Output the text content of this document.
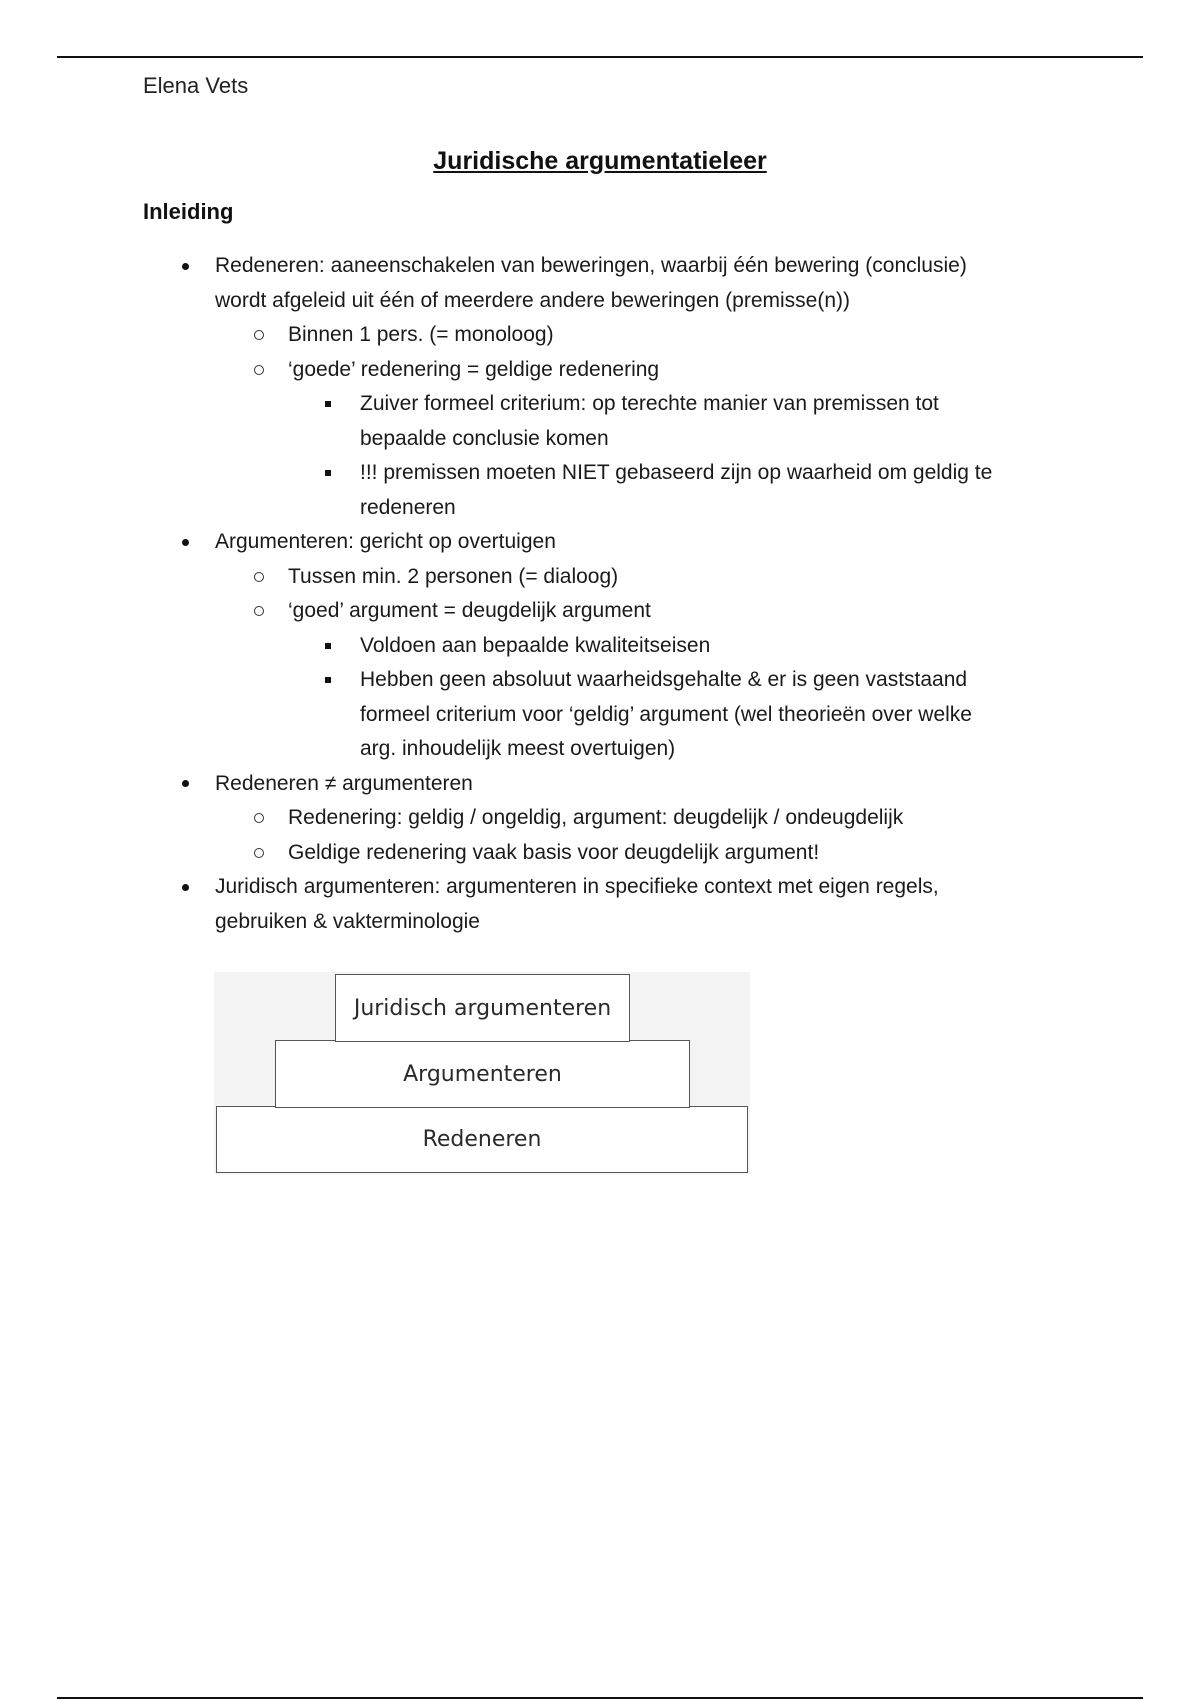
Elena Vets
Juridische argumentatieleer
Inleiding
Redeneren: aaneenschakelen van beweringen, waarbij één bewering (conclusie)
wordt afgeleid uit één of meerdere andere beweringen (premisse(n))
Binnen 1 pers. (= monoloog)
‘goede’ redenering = geldige redenering
Zuiver formeel criterium: op terechte manier van premissen tot
bepaalde conclusie komen
!!! premissen moeten NIET gebaseerd zijn op waarheid om geldig te
redeneren
Argumenteren: gericht op overtuigen
Tussen min. 2 personen (= dialoog)
‘goed’ argument = deugdelijk argument
Voldoen aan bepaalde kwaliteitseisen
Hebben geen absoluut waarheidsgehalte & er is geen vaststaand
formeel criterium voor ‘geldig’ argument (wel theorieën over welke
arg. inhoudelijk meest overtuigen)
Redeneren ≠ argumenteren
Redenering: geldig / ongeldig, argument: deugdelijk / ondeugdelijk
Geldige redenering vaak basis voor deugdelijk argument!
Juridisch argumenteren: argumenteren in specifieke context met eigen regels,
gebruiken & vakterminologie
Redeneren
Argumenteren
Juridisch argumenteren
